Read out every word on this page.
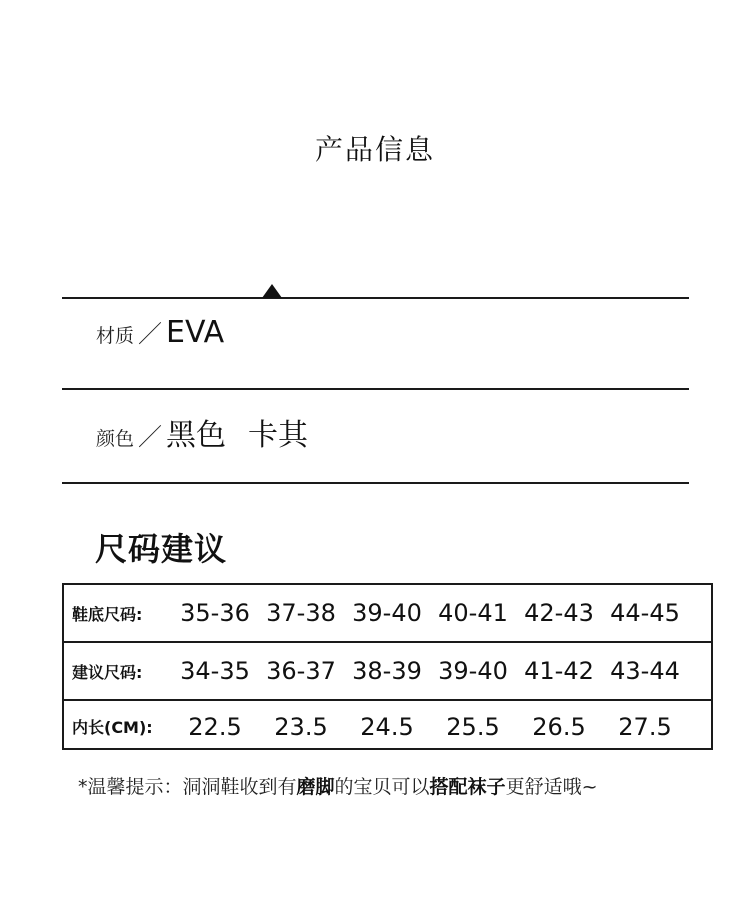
产品信息
材质 ／ EVA
颜色 ／ 黑色 卡其
尺码建议
鞋底尺码:	35-36 37-38 39-40 40-41 42-43 44-45
建议尺码:	34-35 36-37 38-39 39-40 41-42 43-44
内长(CM):	22.5	23.5	24.5	25.5	26.5	27.5
*温馨提示：洞洞鞋收到有磨脚的宝贝可以搭配袜子更舒适哦~
